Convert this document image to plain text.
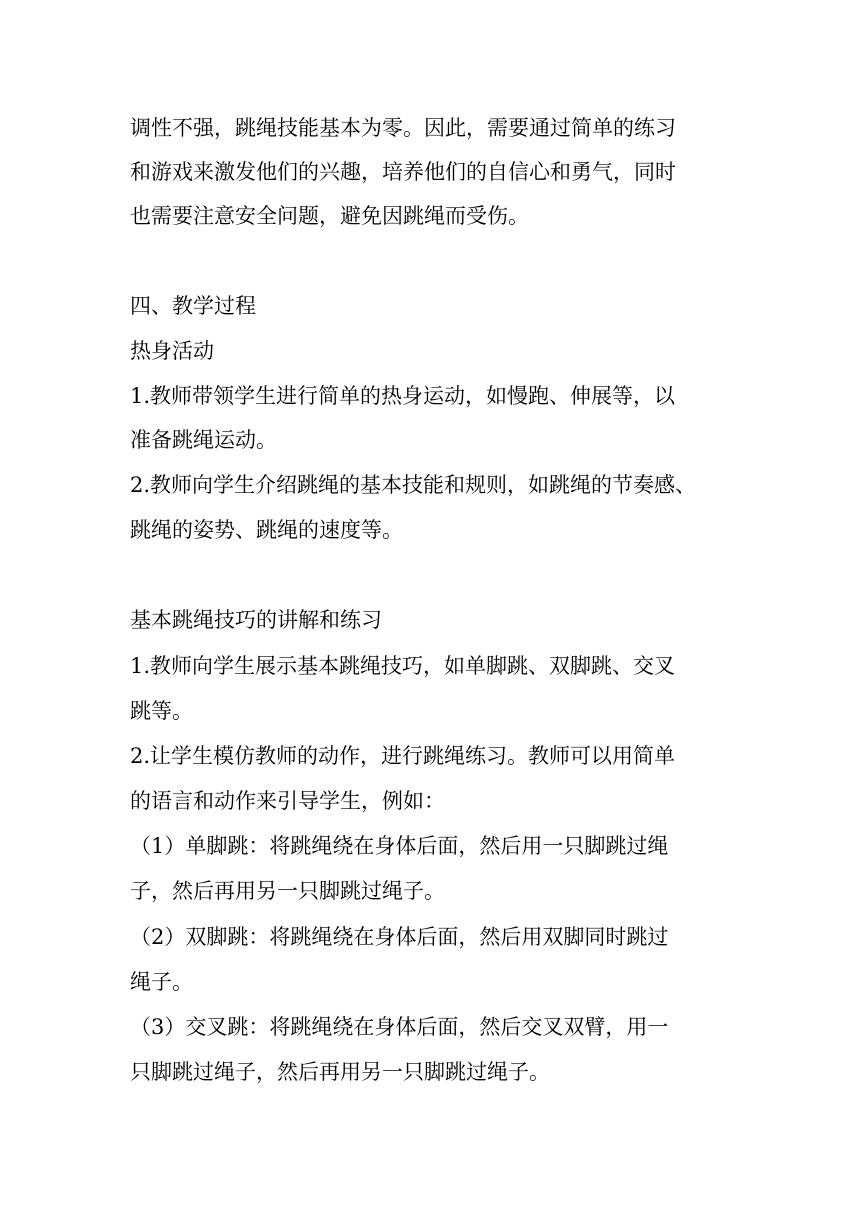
调性不强，跳绳技能基本为零。因此，需要通过简单的练习
和游戏来激发他们的兴趣，培养他们的自信心和勇气，同时
也需要注意安全问题，避免因跳绳而受伤。
四、教学过程
热身活动
1.教师带领学生进行简单的热身运动，如慢跑、伸展等，以
准备跳绳运动。
2.教师向学生介绍跳绳的基本技能和规则，如跳绳的节奏感、
跳绳的姿势、跳绳的速度等。
基本跳绳技巧的讲解和练习
1.教师向学生展示基本跳绳技巧，如单脚跳、双脚跳、交叉
跳等。
2.让学生模仿教师的动作，进行跳绳练习。教师可以用简单
的语言和动作来引导学生，例如：
（1）单脚跳：将跳绳绕在身体后面，然后用一只脚跳过绳
子，然后再用另一只脚跳过绳子。
（2）双脚跳：将跳绳绕在身体后面，然后用双脚同时跳过
绳子。
（3）交叉跳：将跳绳绕在身体后面，然后交叉双臂，用一
只脚跳过绳子，然后再用另一只脚跳过绳子。
